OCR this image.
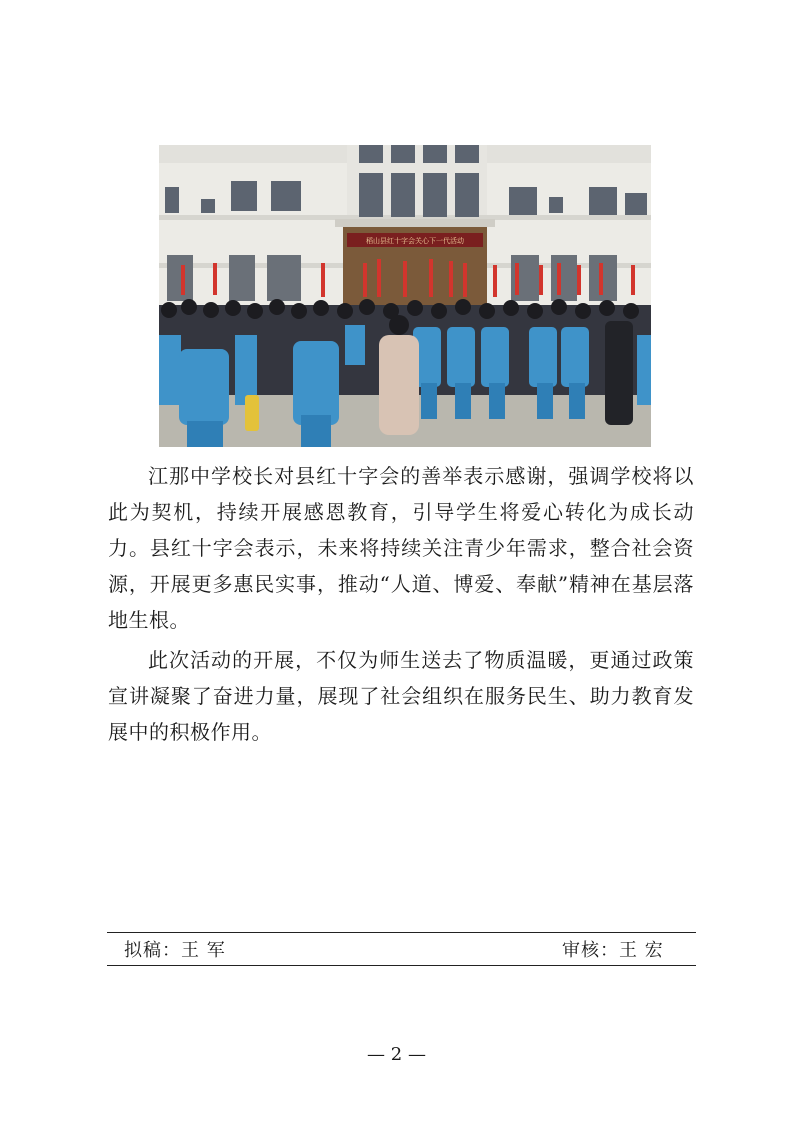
稻山县红十字会关心下一代活动

江那中学校长对县红十字会的善举表示感谢，强调学校将以此为契机，持续开展感恩教育，引导学生将爱心转化为成长动力。县红十字会表示，未来将持续关注青少年需求，整合社会资源，开展更多惠民实事，推动“人道、博爱、奉献”精神在基层落地生根。

此次活动的开展，不仅为师生送去了物质温暖，更通过政策宣讲凝聚了奋进力量，展现了社会组织在服务民生、助力教育发展中的积极作用。

拟稿：王 军	审核：王 宏
— 2 —
